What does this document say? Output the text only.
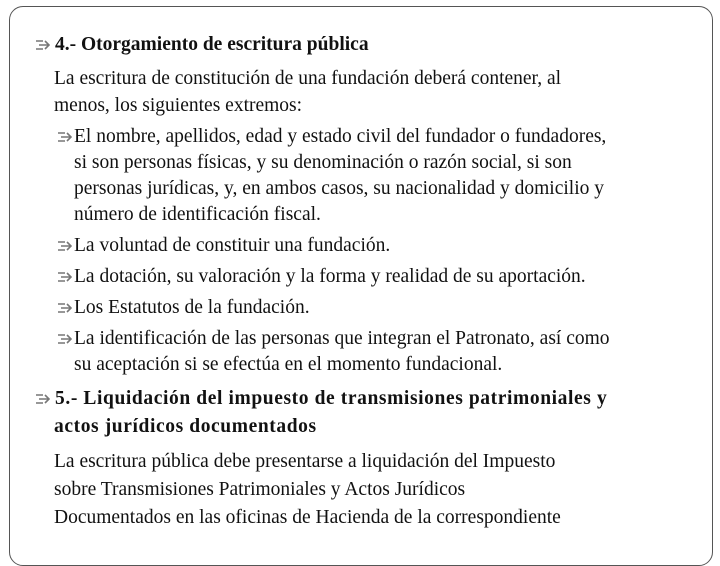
4.- Otorgamiento de escritura pública
La escritura de constitución de una fundación deberá contener, al
menos, los siguientes extremos:
El nombre, apellidos, edad y estado civil del fundador o fundadores,
si son personas físicas, y su denominación o razón social, si son
personas jurídicas, y, en ambos casos, su nacionalidad y domicilio y
número de identificación fiscal.
La voluntad de constituir una fundación.
La dotación, su valoración y la forma y realidad de su aportación.
Los Estatutos de la fundación.
La identificación de las personas que integran el Patronato, así como
su aceptación si se efectúa en el momento fundacional.
5.- Liquidación del impuesto de transmisiones patrimoniales y
actos jurídicos documentados
La escritura pública debe presentarse a liquidación del Impuesto
sobre Transmisiones Patrimoniales y Actos Jurídicos
Documentados en las oficinas de Hacienda de la correspondiente
